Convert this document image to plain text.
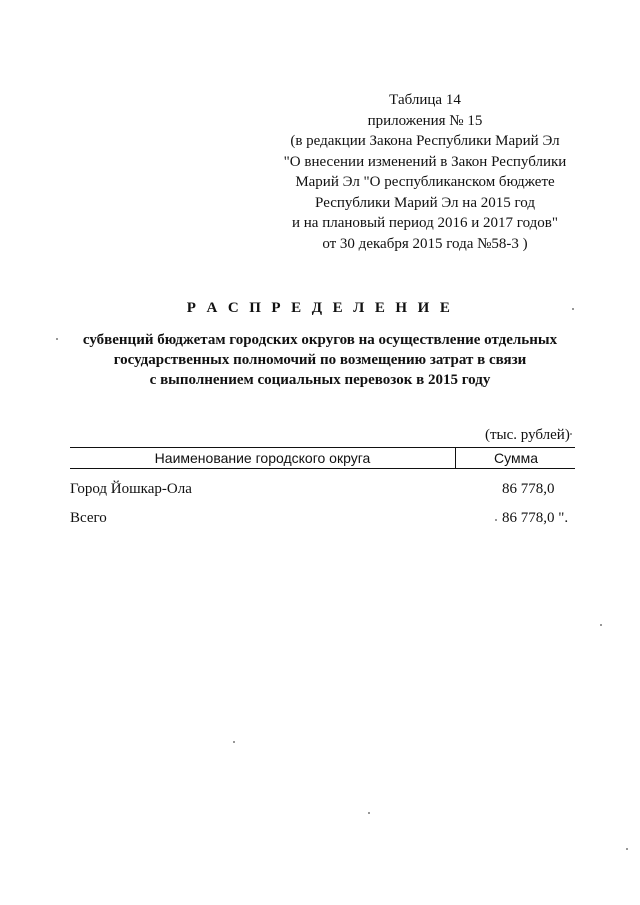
Таблица 14
приложения № 15
(в редакции Закона Республики Марий Эл
"О внесении изменений в Закон Республики
Марий Эл "О республиканском бюджете
Республики Марий Эл на 2015 год
и на плановый период 2016 и 2017 годов"
от 30 декабря 2015 года №58-3 )
Р А С П Р Е Д Е Л Е Н И Е
субвенций бюджетам городских округов на осуществление отдельных
государственных полномочий по возмещению затрат в связи
с выполнением социальных перевозок в 2015 году
(тыс. рублей)
Наименование городского округа	Сумма
Город Йошкар-Ола	86 778,0
Всего	86 778,0 ".
